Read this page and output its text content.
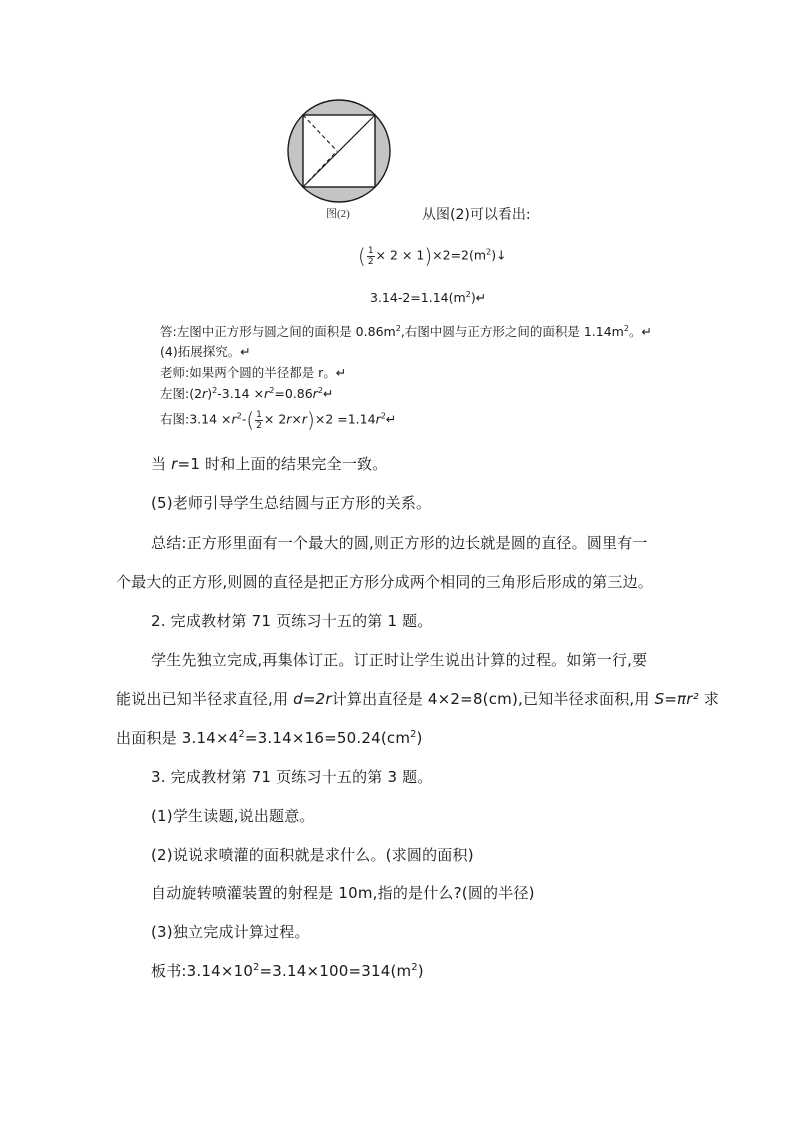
图(2)	从图(2)可以看出:
( $\frac{1}{2} \times 2$ × $1)\times 2=2(m^2)↓$
$3.14-2=1.14(m^2)↵$
答:左图中正方形与圆之间的面积是 $0.86m^2$,右图中圆与正方形之间的面积是 $1.14m^2$。↵
(4)拓展探究。↵
老师:如果两个圆的半径都是 r。↵
左图$:(2r)^2-3.14$ $\times r^2=0.86r^2↵$
右图:3.14 $\times r^2-( \frac{1}{2} \times 2r\times r)\times 2$ $=1.14r^2↵$
当 r=1 时和上面的结果完全一致。
(5)老师引导学生总结圆与正方形的关系。
总结:正方形里面有一个最大的圆,则正方形的边长就是圆的直径。圆里有一
个最大的正方形,则圆的直径是把正方形分成两个相同的三角形后形成的第三边。
2. 完成教材第 71 页练习十五的第 1 题。
学生先独立完成,再集体订正。订正时让学生说出计算的过程。如第一行,要
能说出已知半径求直径,用 d=2r计算出直径是 4×2=8(cm),已知半径求面积,用 S=πr² 求
出面积是 $3.14\times 4^2=3.14\times 16=50.24(cm^2)$
3. 完成教材第 71 页练习十五的第 3 题。
(1)学生读题,说出题意。
(2)说说求喷灌的面积就是求什么。(求圆的面积)
自动旋转喷灌装置的射程是 10m,指的是什么?(圆的半径)
(3)独立完成计算过程。
板书$:3.14\times 10^2=3.14\times 100=314(m^2)$
